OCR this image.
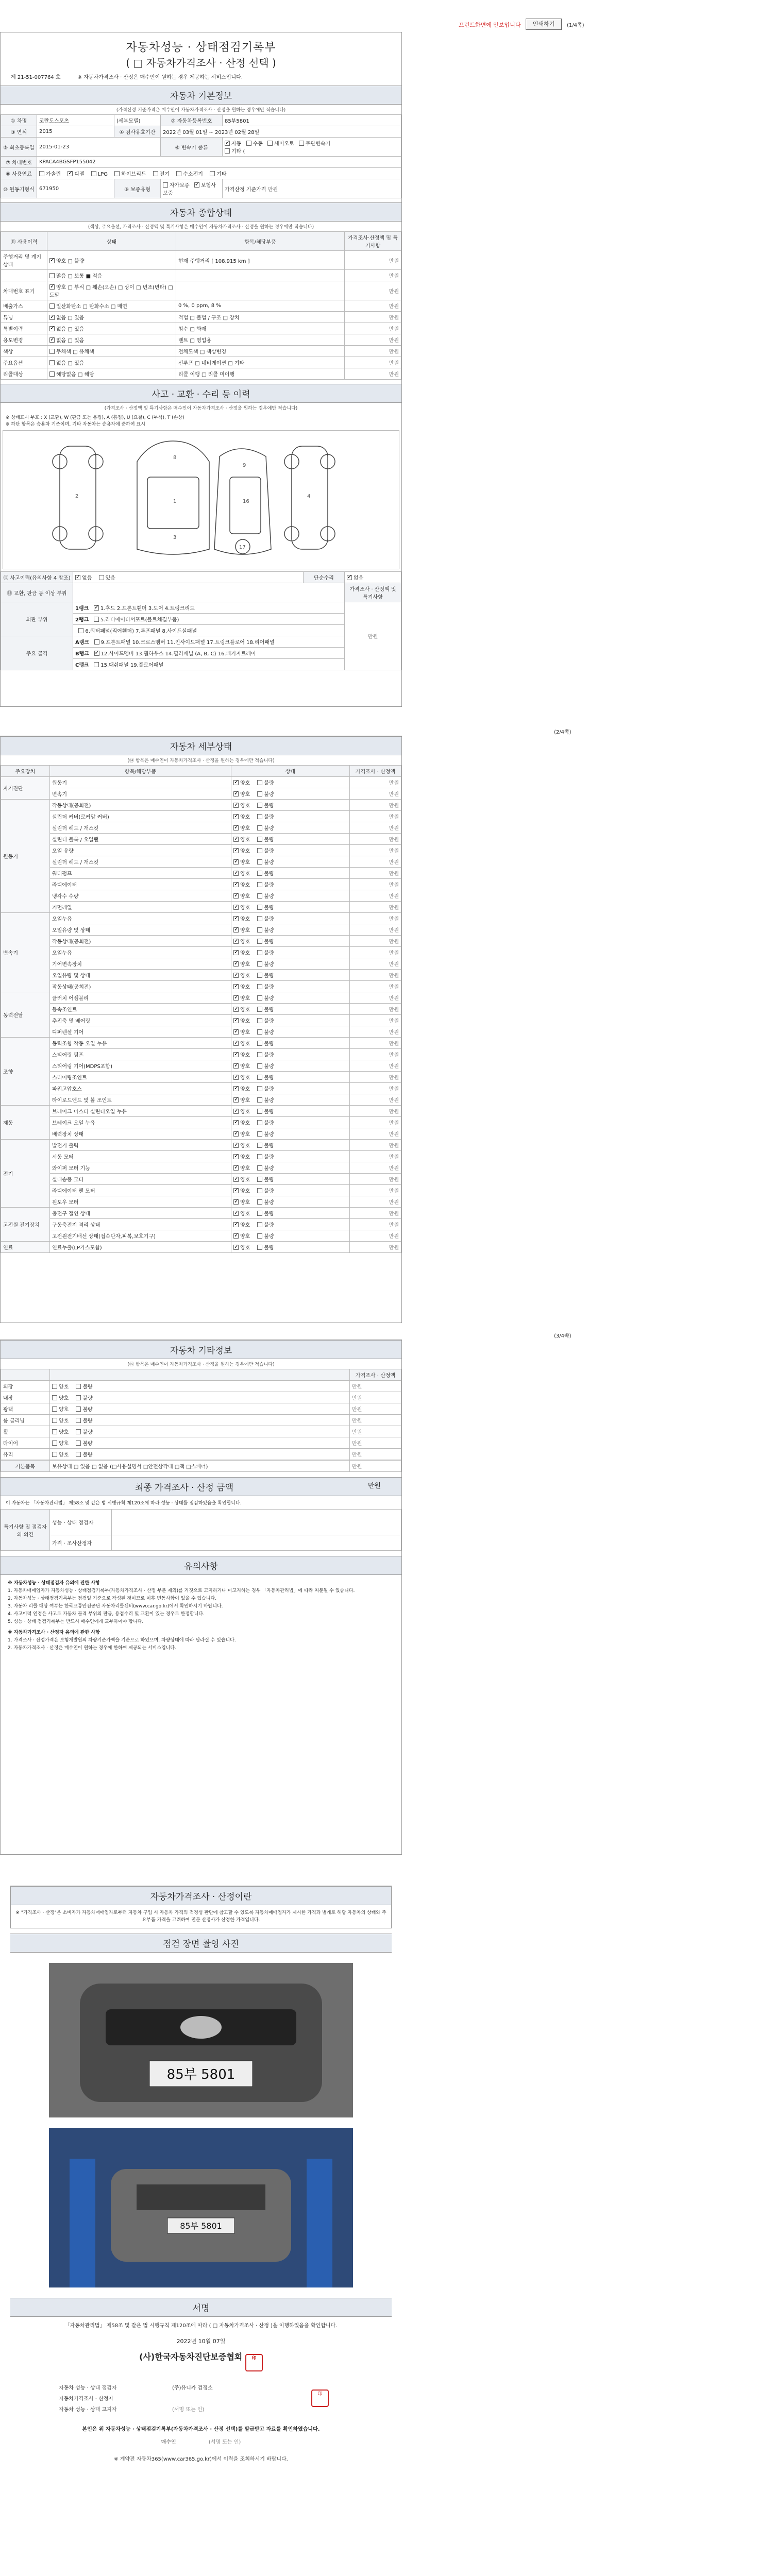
프린트화면에 안보입니다	인쇄하기	(1/4쪽)
자동차성능 · 상태점검기록부
( □ 자동차가격조사 · 산정 선택 )
제 21-51-007764 호	※ 자동차가격조사 · 산정은 매수인이 원하는 경우 제공하는 서비스입니다.
자동차 기본정보
(가격산정 기준가격은 매수인이 자동차가격조사 · 산정을 원하는 경우에만 적습니다)
① 차명	코란도스포츠	(세부모델)	② 자동차등록번호	85부5801
③ 연식	2015	④ 검사유효기간	2022년 03월 01일 ~ 2023년 02월 28일	
⑤ 최초등록일	2015-01-23		⑥ 변속기 종류	✓자동 수동 세미오토 무단변속기
기타 (
⑦ 차대번호	KPACA4BGSFP155042			
⑧ 사용연료	가솔린 ✓ 디젤 LPG 하이브리드 전기 수소전기 기타
⑩ 원동기형식	671950	⑨ 보증유형	자가보증 ✓ 보험사 보증	가격산정 기준가격 만원
자동차 종합상태
(색상, 주요옵션, 가격조사 · 산정액 및 특기사항은 매수인이 자동차가격조사 · 산정을 원하는 경우에만 적습니다)
⑪ 사용이력	상태	항목/해당부품	가격조사·산정액 및 특기사항
주행거리 및 계기상태	✓양호 □ 불량	현재 주행거리 [ 108,915 km ]	만원
	많음 □ 보통 ■ 적음		만원
차대번호 표기	✓양호 □ 부식 □ 훼손(오손) □ 상이 □ 변조(변타) □ 도말		만원
배출가스	일산화탄소 □ 탄화수소 □ 매연	0 %, 0 ppm, 8 %	만원
튜닝	✓없음 □ 있음	적법 □ 불법 / 구조 □ 장치	만원
특별이력	✓없음 □ 있음	침수 □ 화재	만원
용도변경	✓없음 □ 있음	렌트 □ 영업용	만원
색상	무채색 □ 유채색	전체도색 □ 색상변경	만원
주요옵션	없음 □ 있음	선루프 □ 네비게이션 □ 기타	만원
리콜대상	해당없음 □ 해당	리콜 이행 □ 리콜 미이행	만원
사고 · 교환 · 수리 등 이력
(가격조사 · 산정액 및 특기사항은 매수인이 자동차가격조사 · 산정을 원하는 경우에만 적습니다)
※ 상태표시 부호 : X (교환), W (판금 또는 용접), A (흠집), U (요철), C (부식), T (손상)
※ 하단 항목은 승용차 기준이며, 기타 자동차는 승용차에 준하여 표시
8
1
3
9
16
17
2	4
⑫ 사고이력(유의사항 4 참조)	✓없음 있음	단순수리	✓없음
⑬ 교환, 판금 등 이상 부위			가격조사 · 산정액 및 특기사항
외판 부위	1랭크 ✓ 1.후드 2.프론트휀더 3.도어 4.트렁크리드		만원
	2랭크 5.라디에이터서포트(볼트체결부품)		
	6.쿼터패널(리어휀더) 7.루프패널 8.사이드실패널		
주요 골격	A랭크 9.프론트패널 10.크로스멤버 11.인사이드패널 17.트렁크플로어 18.리어패널		
	B랭크 ✓ 12.사이드멤버 13.휠하우스 14.필러패널 (A, B, C) 16.패키지트레이
	C랭크 15.대쉬패널 19.플로어패널		
(2/4쪽)
자동차 세부상태
(⑭ 항목은 매수인이 자동차가격조사 · 산정을 원하는 경우에만 적습니다)
주요장치	항목/해당부품	상태	가격조사 · 산정액
자기진단	원동기	✓양호 불량	만원
	변속기	✓양호 불량	만원
원동기	작동상태(공회전)	✓양호 불량	만원
	실린더 커버(로커암 커버)	✓양호 불량	만원
	실린더 헤드 / 개스킷	✓양호 불량	만원
	실린더 블록 / 오일팬	✓양호 불량	만원
	오일 유량	✓양호 불량	만원
	실린더 헤드 / 개스킷	✓양호 불량	만원
	워터펌프	✓양호 불량	만원
	라디에이터	✓양호 불량	만원
	냉각수 수량	✓양호 불량	만원
	커먼레일	✓양호 불량	만원
변속기	오일누유	✓양호 불량	만원
	오일유량 및 상태	✓양호 불량	만원
	작동상태(공회전)	✓양호 불량	만원
	오일누유	✓양호 불량	만원
	기어변속장치	✓양호 불량	만원
	오일유량 및 상태	✓양호 불량	만원
	작동상태(공회전)	✓양호 불량	만원
동력전달	클러치 어셈블리	✓양호 불량	만원
	등속조인트	✓양호 불량	만원
	추진축 및 베어링	✓양호 불량	만원
	디퍼렌셜 기어	✓양호 불량	만원
조향	동력조향 작동 오일 누유	✓양호 불량	만원
	스티어링 펌프	✓양호 불량	만원
	스티어링 기어(MDPS포함)	✓양호 불량	만원
	스티어링조인트	✓양호 불량	만원
	파워고압호스	✓양호 불량	만원
	타이로드엔드 및 볼 조인트	✓양호 불량	만원
제동	브레이크 마스터 실린더오일 누유	✓양호 불량	만원
	브레이크 오일 누유	✓양호 불량	만원
	배력장치 상태	✓양호 불량	만원
전기	발전기 출력	✓양호 불량	만원
	시동 모터	✓양호 불량	만원
	와이퍼 모터 기능	✓양호 불량	만원
	실내송풍 모터	✓양호 불량	만원
	라디에이터 팬 모터	✓양호 불량	만원
	윈도우 모터	✓양호 불량	만원
고전원 전기장치	충전구 절연 상태	✓양호 불량	만원
	구동축전지 격리 상태	✓양호 불량	만원
	고전원전기배선 상태(접속단자,피복,보호기구)	✓양호 불량	만원
연료	연료누출(LP가스포함)	✓양호 불량	만원
(3/4쪽)
자동차 기타정보
(⑮ 항목은 매수인이 자동차가격조사 · 산정을 원하는 경우에만 적습니다)
		가격조사 · 산정액
외장	양호 불량	만원
내장	양호 불량	만원
광택	양호 불량	만원
룸 클리닝	양호 불량	만원
휠	양호 불량	만원
타이어	양호 불량	만원
유리	양호 불량	만원
기본품목	보유상태 □ 있음 □ 없음 (□사용설명서 □안전삼각대 □잭 □스패너)	만원
최종 가격조사 · 산정 금액	만원
이 자동차는 「자동차관리법」 제58조 및 같은 법 시행규칙 제120조에 따라 성능 · 상태를 점검하였음을 확인합니다.
특기사항 및 점검자의 의견	성능 · 상태 점검자	
	가격 · 조사산정자	
유의사항

※ 자동차성능 · 상태점검자 유의에 관한 사항

1. 자동차매매업자가 자동차성능 · 상태점검기록부(자동차가격조사 · 산정 부분 제외)를 거짓으로 고지하거나 미고지하는 경우 「자동차관리법」에 따라 처분될 수 있습니다.

2. 자동차성능 · 상태점검기록부는 점검일 기준으로 작성된 것이므로 이후 변동사항이 있을 수 있습니다.

3. 자동차 리콜 대상 여부는 한국교통안전공단 자동차리콜센터(www.car.go.kr)에서 확인하시기 바랍니다.

4. 사고이력 인정은 사고로 자동차 골격 부위의 판금, 용접수리 및 교환이 있는 경우로 한정합니다.

5. 성능 · 상태 점검기록부는 반드시 매수인에게 교부하여야 합니다.

※ 자동차가격조사 · 산정자 유의에 관한 사항

1. 가격조사 · 산정가격은 보험개발원의 차량기준가액을 기준으로 하였으며, 차량상태에 따라 달라질 수 있습니다.

2. 자동차가격조사 · 산정은 매수인이 원하는 경우에 한하여 제공되는 서비스입니다.

자동차가격조사 · 산정이란
※ "가격조사 · 산정"은 소비자가 자동차매매업자로부터 자동차 구입 시 자동차 가격의 적정성 판단에 참고할 수 있도록 자동차매매업자가 제시한 가격과 별개로 해당 자동차의 상태와 주요부품 가격을 고려하여 전문 산정사가 산정한 가격입니다.
점검 장면 촬영 사진
85부 5801
85부 5801
서명
「자동차관리법」 제58조 및 같은 법 시행규칙 제120조에 따라 ( □ 자동차가격조사 · 산정 )을 이행하였음을 확인합니다.
2022년 10월 07일
(사)한국자동차진단보증협회 印
자동차 성능 · 상태 점검자	(주)유니카 검정소	印
자동차가격조사 · 산정자		
자동차 성능 · 상태 고지자	(서명 또는 인)	
본인은 위 자동차성능 · 상태점검기록부(자동차가격조사 · 산정 선택)를 발급받고 자료를 확인하였습니다.
매수인	(서명 또는 인)
※ 계약전 자동차365(www.car365.go.kr)에서 이력을 조회하시기 바랍니다.
